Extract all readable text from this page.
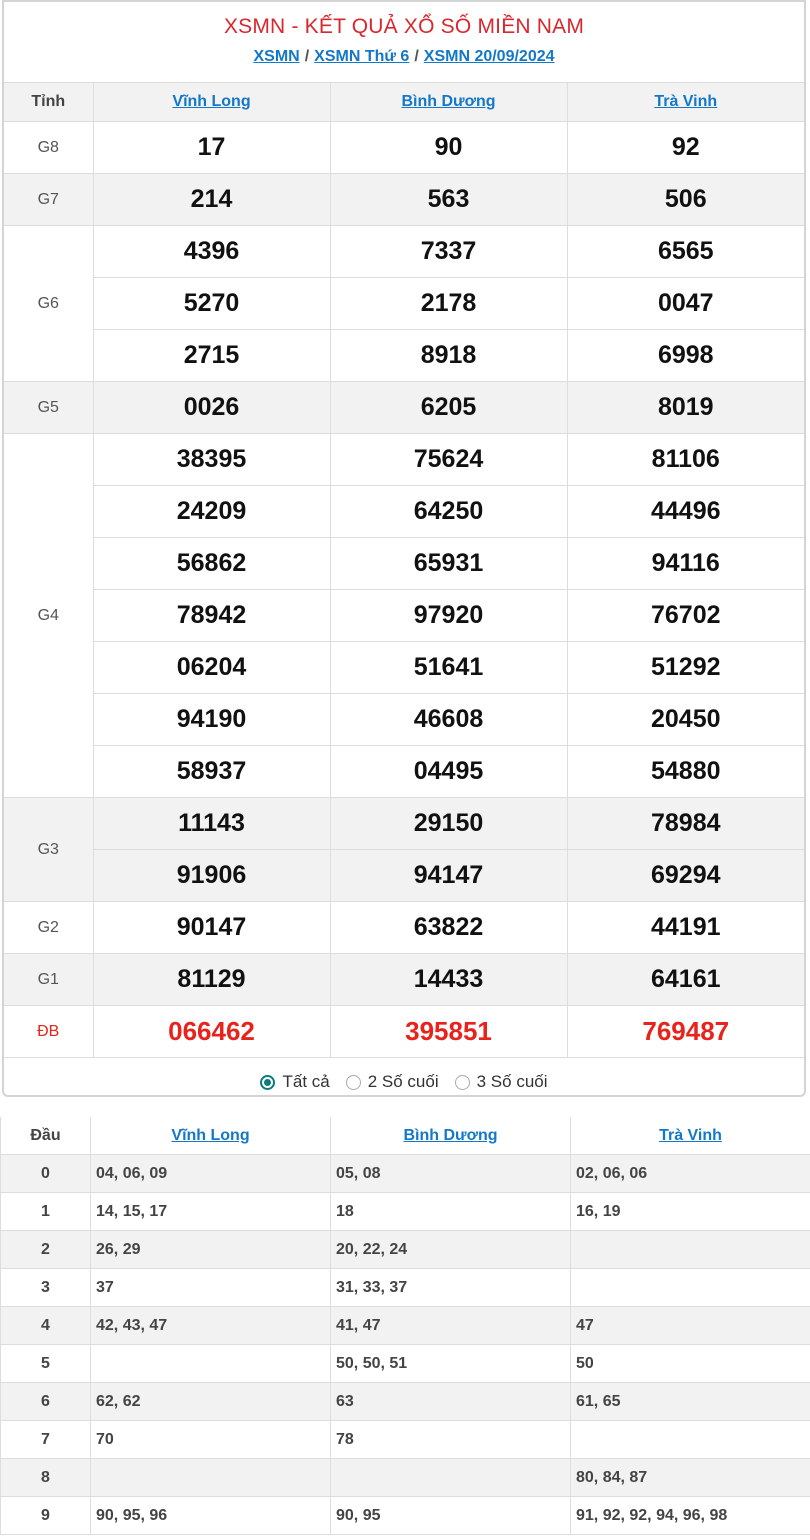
XSMN - KẾT QUẢ XỔ SỐ MIỀN NAM
XSMN / XSMN Thứ 6 / XSMN 20/09/2024
Tỉnh	Vĩnh Long	Bình Dương	Trà Vinh
G8	17	90	92
G7	214	563	506
G6	4396	7337	6565
	5270	2178	0047
	2715	8918	6998
G5	0026	6205	8019
G4	38395	75624	81106
	24209	64250	44496
	56862	65931	94116
	78942	97920	76702
	06204	51641	51292
	94190	46608	20450
	58937	04495	54880
G3	11143	29150	78984
	91906	94147	69294
G2	90147	63822	44191
G1	81129	14433	64161
ĐB	066462	395851	769487
Tất cả 2 Số cuối 3 Số cuối
Đầu	Vĩnh Long	Bình Dương	Trà Vinh
0	04, 06, 09	05, 08	02, 06, 06
1	14, 15, 17	18	16, 19
2	26, 29	20, 22, 24	
3	37	31, 33, 37	
4	42, 43, 47	41, 47	47
5		50, 50, 51	50
6	62, 62	63	61, 65
7	70	78	
8			80, 84, 87
9	90, 95, 96	90, 95	91, 92, 92, 94, 96, 98
